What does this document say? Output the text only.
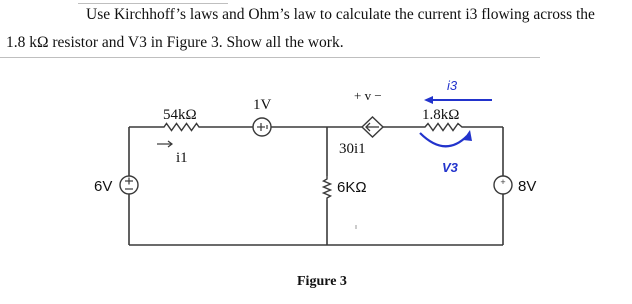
Use Kirchhoff’s laws and Ohm’s law to calculate the current i3 flowing across the
1.8 kΩ resistor and V3 in Figure 3. Show all the work.
+
54kΩ
1V
+ v −
30i1
6KΩ
i3
1.8kΩ
V3
i1
6V	8V
Figure 3
